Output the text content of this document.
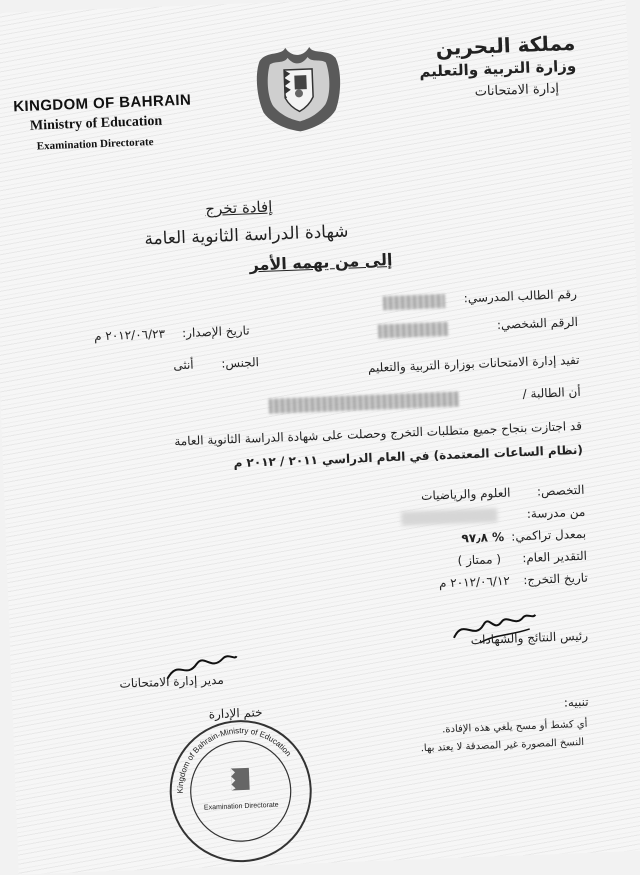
KINGDOM OF BAHRAIN
Ministry of Education
Examination Directorate
مملكة البحرين
وزارة التربية والتعليم
إدارة الامتحانات
إفادة تخرج
شهادة الدراسة الثانوية العامة
إلى من يهمه الأمر
رقم الطالب المدرسي:
الرقم الشخصي:
تاريخ الإصدار:
٢٠١٢/٠٦/٢٣ م
الجنس:
أنثى	تفيد إدارة الامتحانات بوزارة التربية والتعليم
أن الطالبة /
قد اجتازت بنجاح جميع متطلبات التخرج وحصلت على شهادة الدراسة الثانوية العامة
(نظام الساعات المعتمدة) في العام الدراسي ٢٠١١ / ٢٠١٢ م
التخصص:
العلوم والرياضيات
من مدرسة:
بمعدل تراكمي:
% ٩٧٫٨
التقدير العام:
( ممتاز )
تاريخ التخرج:
٢٠١٢/٠٦/١٢ م
رئيس النتائج والشهادات
مدير إدارة الامتحانات
ختم الإدارة
تنبيه:
أي كشط أو مسح يلغي هذه الإفادة.
النسخ المصورة غير المصدقة لا يعتد بها.
Kingdom of Bahrain-Ministry of Education
Examination Directorate
